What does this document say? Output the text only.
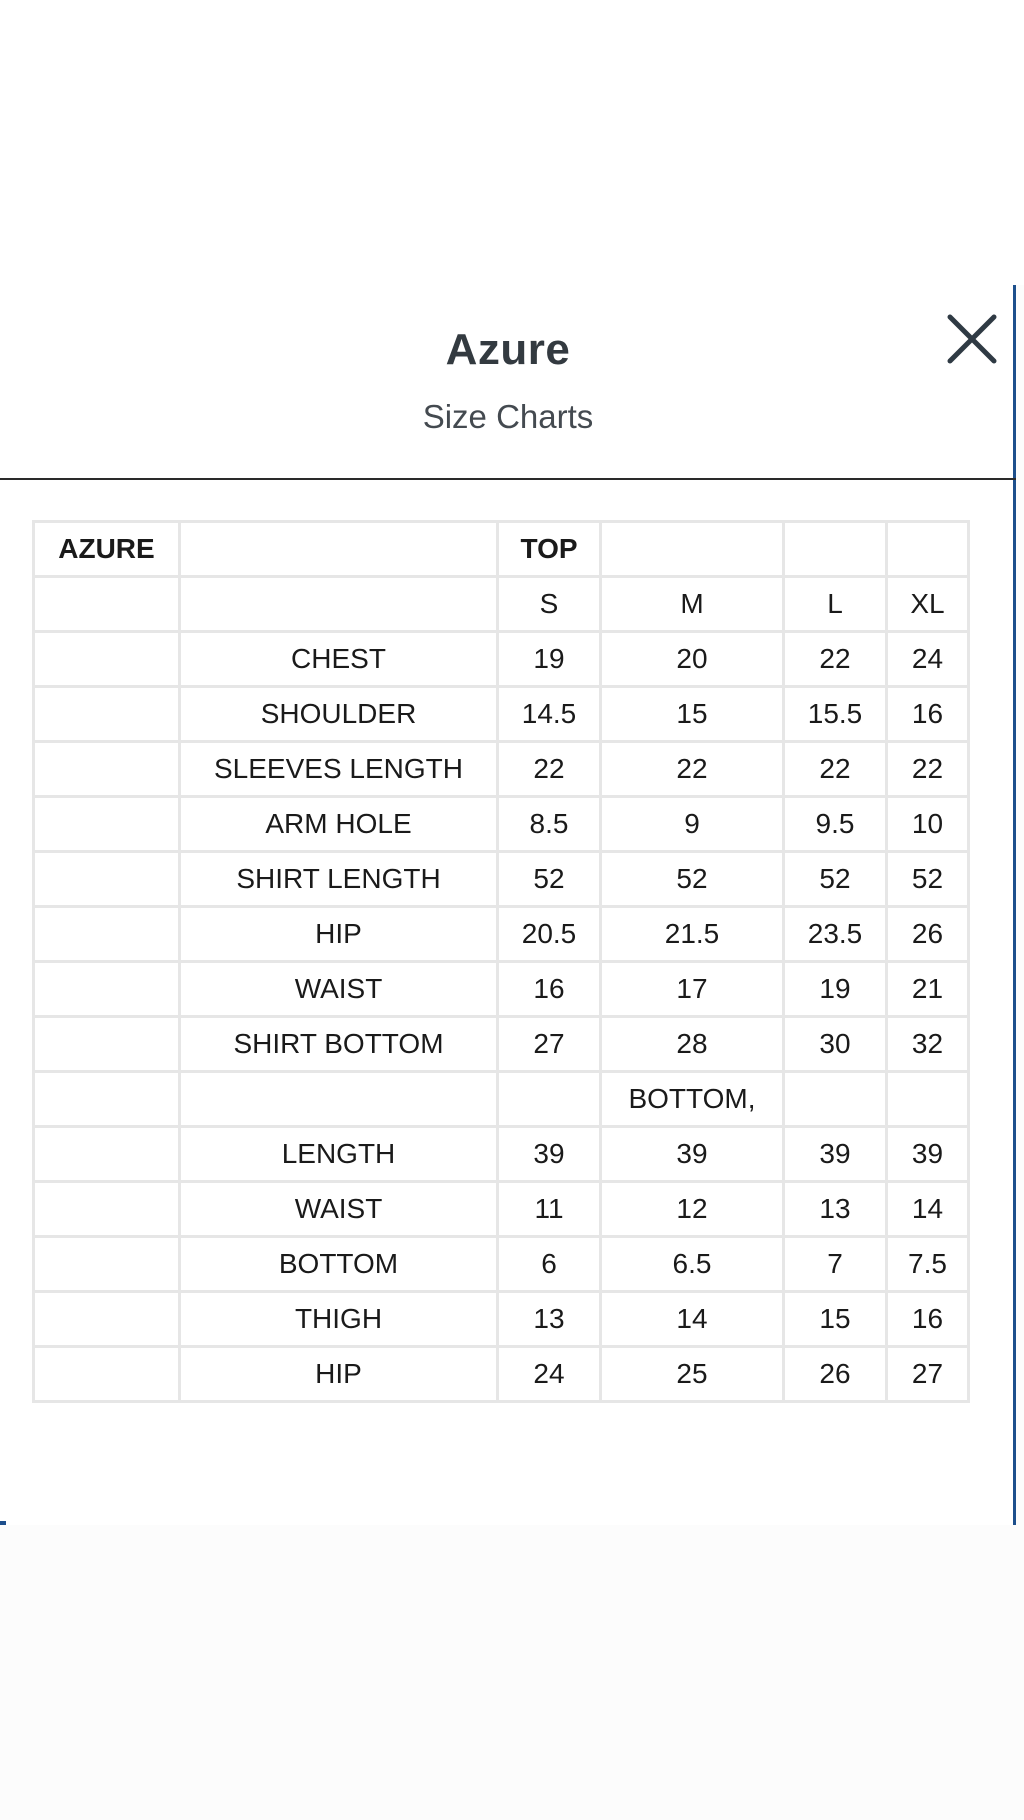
Azure
Size Charts
AZURE		TOP			
		S	M	L	XL
	CHEST	19	20	22	24
	SHOULDER	14.5	15	15.5	16
	SLEEVES LENGTH	22	22	22	22
	ARM HOLE	8.5	9	9.5	10
	SHIRT LENGTH	52	52	52	52
	HIP	20.5	21.5	23.5	26
	WAIST	16	17	19	21
	SHIRT BOTTOM	27	28	30	32
			BOTTOM,		
	LENGTH	39	39	39	39
	WAIST	11	12	13	14
	BOTTOM	6	6.5	7	7.5
	THIGH	13	14	15	16
	HIP	24	25	26	27
